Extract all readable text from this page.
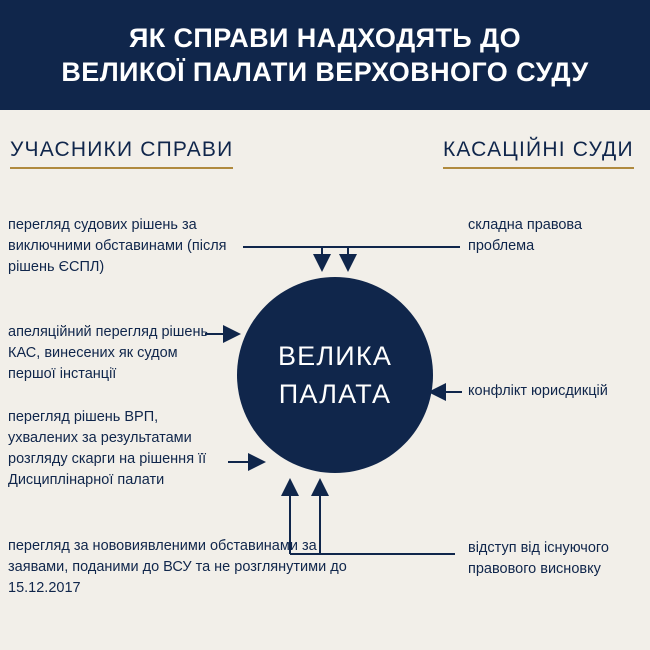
ЯК СПРАВИ НАДХОДЯТЬ ДО
ВЕЛИКОЇ ПАЛАТИ ВЕРХОВНОГО СУДУ
УЧАСНИКИ СПРАВИ	КАСАЦІЙНІ СУДИ
перегляд судових рішень за виключними обставинами (після рішень ЄСПЛ)
апеляційний перегляд рішень КАС, винесених як судом першої інстанції
перегляд рішень ВРП, ухвалених за результатами розгляду скарги на рішення її Дисциплінарної палати
перегляд за нововиявленими обставинами за заявами, поданими до ВСУ та не розглянутими до 15.12.2017
складна правова проблема
конфлікт юрисдикцій
відступ від існуючого правового висновку
ВЕЛИКА
ПАЛАТА
